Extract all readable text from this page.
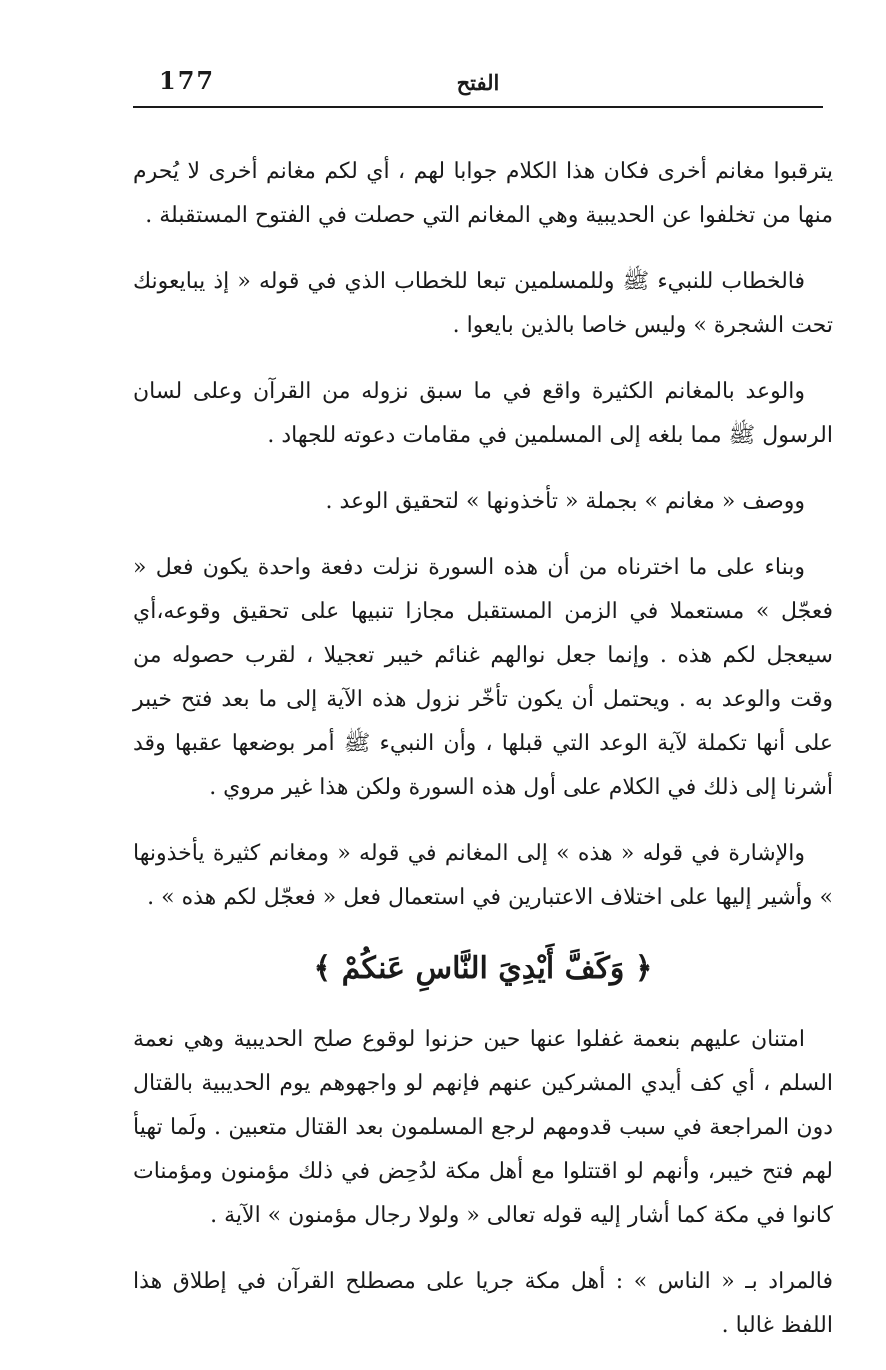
177	الفتح

يترقبوا مغانم أخرى فكان هذا الكلام جوابا لهم ، أي لكم مغانم أخرى لا يُحرم منها من تخلفوا عن الحديبية وهي المغانم التي حصلت في الفتوح المستقبلة .

فالخطاب للنبيء ﷺ وللمسلمين تبعا للخطاب الذي في قوله « إذ يبايعونك تحت الشجرة » وليس خاصا بالذين بايعوا .

والوعد بالمغانم الكثيرة واقع في ما سبق نزوله من القرآن وعلى لسان الرسول ﷺ مما بلغه إلى المسلمين في مقامات دعوته للجهاد .

ووصف « مغانم » بجملة « تأخذونها » لتحقيق الوعد .

وبناء على ما اخترناه من أن هذه السورة نزلت دفعة واحدة يكون فعل « فعجّل » مستعملا في الزمن المستقبل مجازا تنبيها على تحقيق وقوعه،أي سيعجل لكم هذه . وإنما جعل نوالهم غنائم خيبر تعجيلا ، لقرب حصوله من وقت والوعد به . ويحتمل أن يكون تأخّر نزول هذه الآية إلى ما بعد فتح خيبر على أنها تكملة لآية الوعد التي قبلها ، وأن النبيء ﷺ أمر بوضعها عقبها وقد أشرنا إلى ذلك في الكلام على أول هذه السورة ولكن هذا غير مروي .

والإشارة في قوله « هذه » إلى المغانم في قوله « ومغانم كثيرة يأخذونها » وأشير إليها على اختلاف الاعتبارين في استعمال فعل « فعجّل لكم هذه » .

﴿ وَكَفَّ أَيْدِيَ النَّاسِ عَنكُمْ ﴾

امتنان عليهم بنعمة غفلوا عنها حين حزنوا لوقوع صلح الحديبية وهي نعمة السلم ، أي كف أيدي المشركين عنهم فإنهم لو واجهوهم يوم الحديبية بالقتال دون المراجعة في سبب قدومهم لرجع المسلمون بعد القتال متعبين . ولَما تهيأ لهم فتح خيبر، وأنهم لو اقتتلوا مع أهل مكة لدُحِض في ذلك مؤمنون ومؤمنات كانوا في مكة كما أشار إليه قوله تعالى « ولولا رجال مؤمنون » الآية .

فالمراد بـ « الناس » : أهل مكة جريا على مصطلح القرآن في إطلاق هذا اللفظ غالبا .
